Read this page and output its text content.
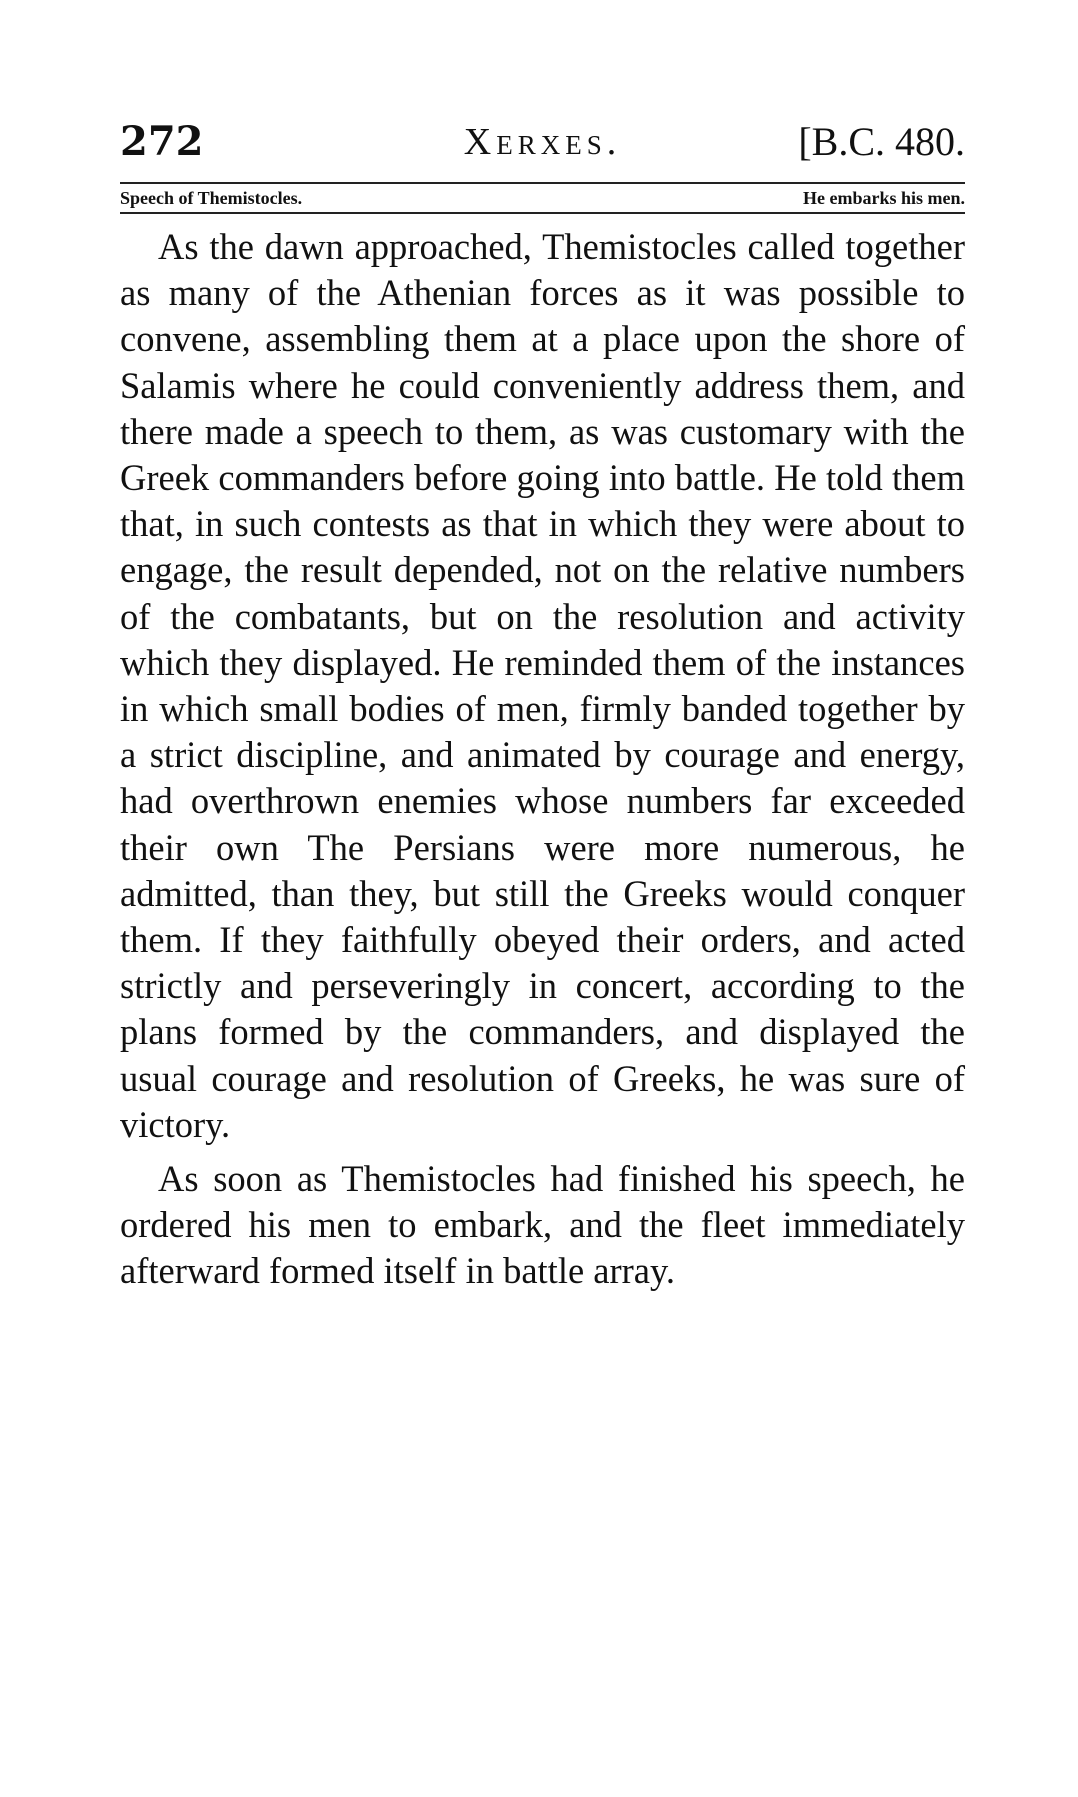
272	Xerxes.	[B.C. 480.
Speech of Themistocles.	He embarks his men.

As the dawn approached, Themistocles called together as many of the Athenian forces as it was possible to convene, assembling them at a place upon the shore of Salamis where he could conveniently address them, and there made a speech to them, as was customary with the Greek commanders before going into battle. He told them that, in such contests as that in which they were about to engage, the result depended, not on the relative numbers of the combatants, but on the resolution and activity which they displayed. He reminded them of the instances in which small bodies of men, firmly banded together by a strict discipline, and animated by courage and energy, had overthrown enemies whose numbers far exceeded their own The Persians were more numerous, he admitted, than they, but still the Greeks would conquer them. If they faithfully obeyed their orders, and acted strictly and perseveringly in concert, according to the plans formed by the commanders, and displayed the usual courage and resolution of Greeks, he was sure of victory.

As soon as Themistocles had finished his speech, he ordered his men to embark, and the fleet immediately afterward formed itself in battle array.
